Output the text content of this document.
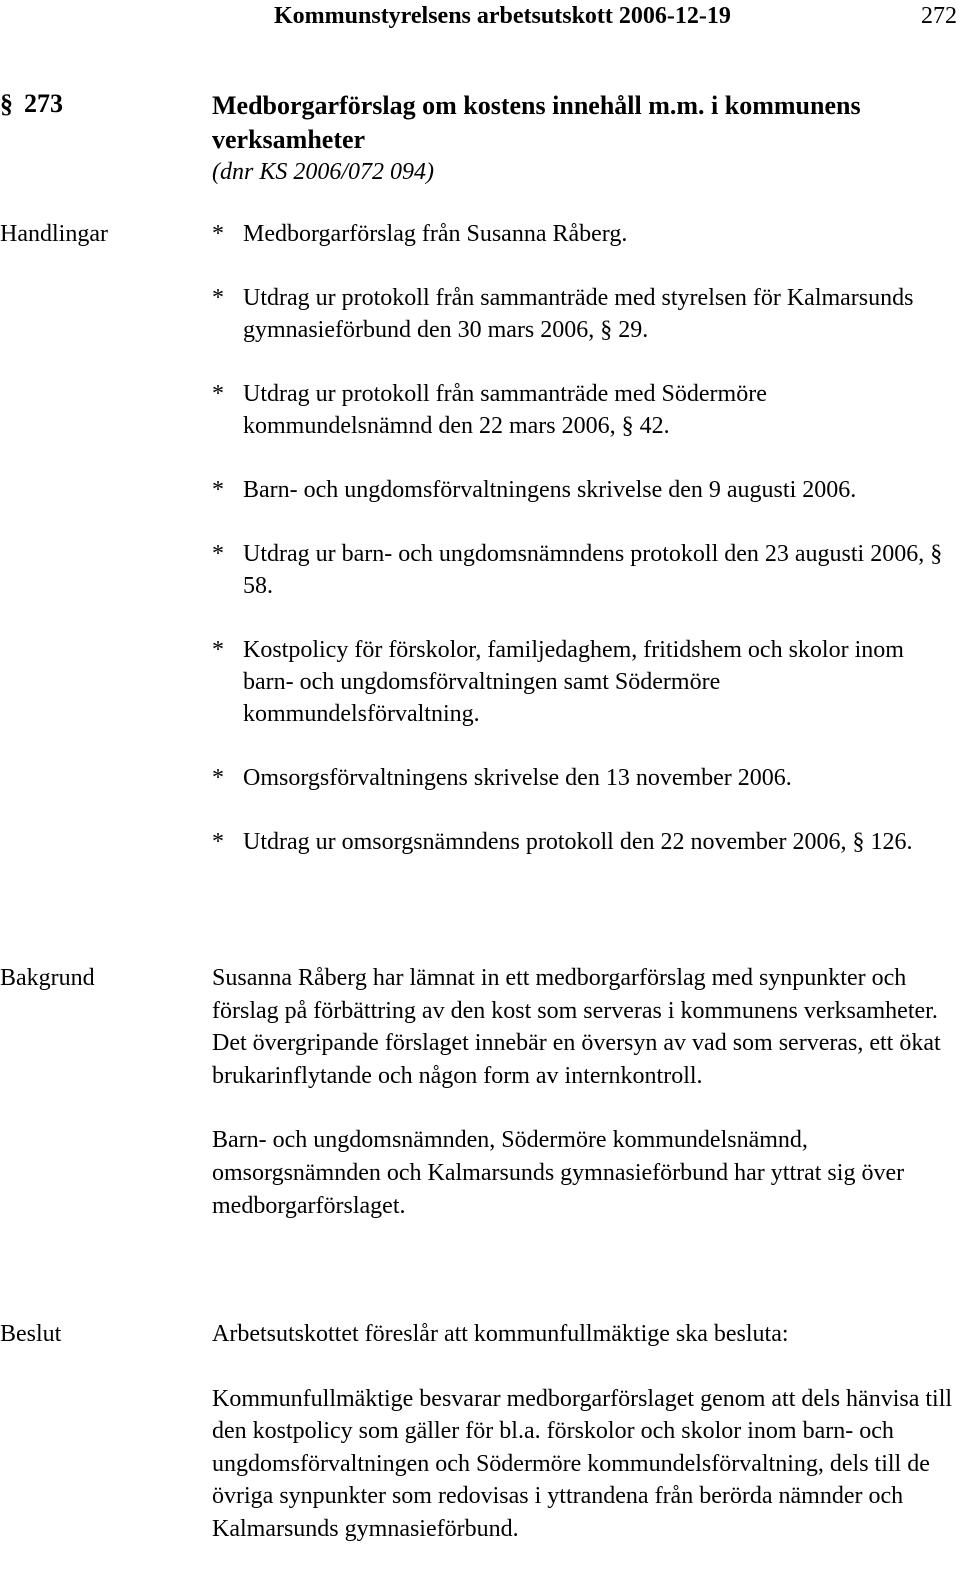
Kommunstyrelsens arbetsutskott 2006-12-19	272
§ 273	Medborgarförslag om kostens innehåll m.m. i kommunens verksamheter
(dnr KS 2006/072 094)
Handlingar	* Medborgarförslag från Susanna Råberg.
* Utdrag ur protokoll från sammanträde med styrelsen för Kalmarsunds gymnasieförbund den 30 mars 2006, § 29.
* Utdrag ur protokoll från sammanträde med Södermöre kommundelsnämnd den 22 mars 2006, § 42.
* Barn- och ungdomsförvaltningens skrivelse den 9 augusti 2006.
* Utdrag ur barn- och ungdomsnämndens protokoll den 23 augusti 2006, § 58.
* Kostpolicy för förskolor, familjedaghem, fritidshem och skolor inom barn- och ungdomsförvaltningen samt Södermöre kommundelsförvaltning.
* Omsorgsförvaltningens skrivelse den 13 november 2006.
* Utdrag ur omsorgsnämndens protokoll den 22 november 2006, § 126.
Bakgrund	Susanna Råberg har lämnat in ett medborgarförslag med synpunkter och förslag på förbättring av den kost som serveras i kommunens verksamheter. Det övergripande förslaget innebär en översyn av vad som serveras, ett ökat brukarinflytande och någon form av internkontroll.

Barn- och ungdomsnämnden, Södermöre kommundelsnämnd, omsorgsnämnden och Kalmarsunds gymnasieförbund har yttrat sig över medborgarförslaget.

Beslut	Arbetsutskottet föreslår att kommunfullmäktige ska besluta:

Kommunfullmäktige besvarar medborgarförslaget genom att dels hänvisa till den kostpolicy som gäller för bl.a. förskolor och skolor inom barn- och ungdomsförvaltningen och Södermöre kommundelsförvaltning, dels till de övriga synpunkter som redovisas i yttrandena från berörda nämnder och Kalmarsunds gymnasieförbund.
